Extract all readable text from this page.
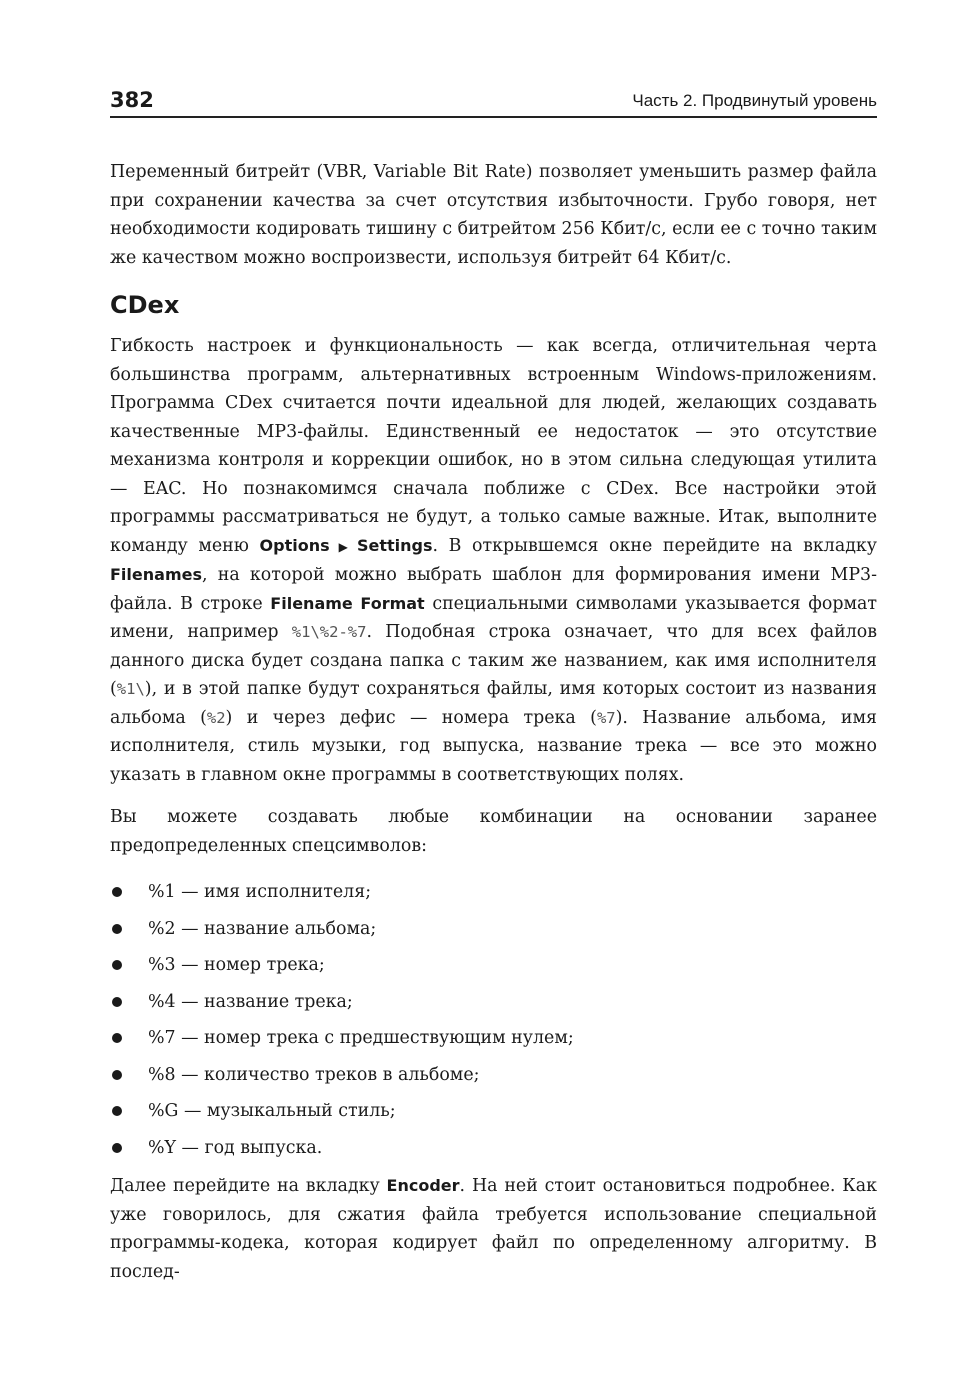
382	Часть 2. Продвинутый уровень

Переменный битрейт (VBR, Variable Bit Rate) позволяет уменьшить размер файла при сохранении качества за счет отсутствия избыточности. Грубо говоря, нет необходимости кодировать тишину с битрейтом 256 Кбит/с, если ее с точно таким же качеством можно воспроизвести, используя битрейт 64 Кбит/с.

CDex

Гибкость настроек и функциональность — как всегда, отличительная черта большинства программ, альтернативных встроенным Windows-приложениям. Программа CDex считается почти идеальной для людей, желающих создавать качественные MP3-файлы. Единственный ее недостаток — это отсутствие механизма контроля и коррекции ошибок, но в этом сильна следующая утилита — EAC. Но познакомимся сначала поближе с CDex. Все настройки этой программы рассматриваться не будут, а только самые важные. Итак, выполните команду меню Options ▶ Settings. В открывшемся окне перейдите на вкладку Filenames, на которой можно выбрать шаблон для формирования имени MP3-файла. В строке Filename Format специальными символами указывается формат имени, например %1\%2-%7. Подобная строка означает, что для всех файлов данного диска будет создана папка с таким же названием, как имя исполнителя (%1\), и в этой папке будут сохраняться файлы, имя которых состоит из названия альбома (%2) и через дефис — номера трека (%7). Название альбома, имя исполнителя, стиль музыки, год выпуска, название трека — все это можно указать в главном окне программы в соответствующих полях.

Вы можете создавать любые комбинации на основании заранее предопределенных спецсимволов:

%1 — имя исполнителя;
%2 — название альбома;
%3 — номер трека;
%4 — название трека;
%7 — номер трека с предшествующим нулем;
%8 — количество треков в альбоме;
%G — музыкальный стиль;
%Y — год выпуска.

Далее перейдите на вкладку Encoder. На ней стоит остановиться подробнее. Как уже говорилось, для сжатия файла требуется использование специальной программы-кодека, которая кодирует файл по определенному алгоритму. В послед-
